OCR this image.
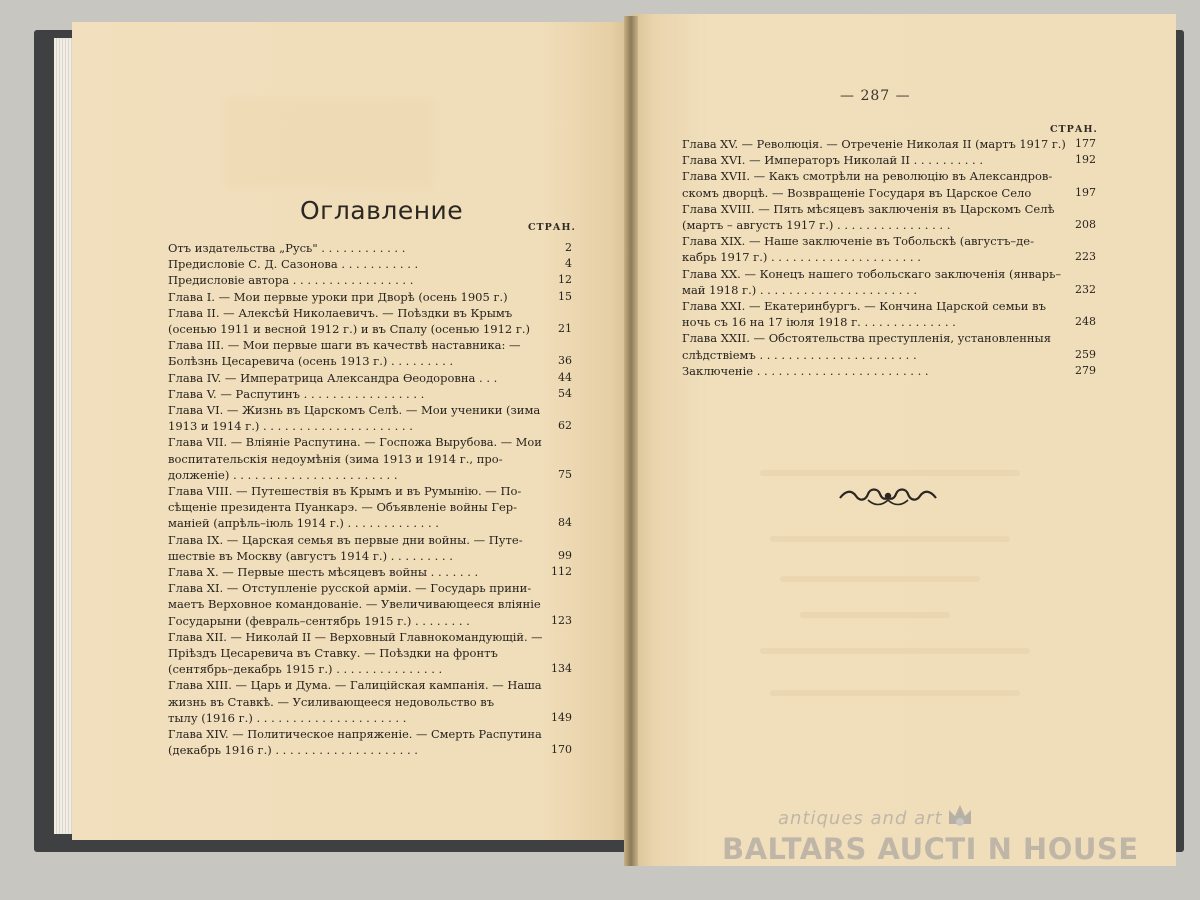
Оглавление
СТРАН.
Отъ издательства „Русь" . . . . . . . . . . . .	2
Предисловіе С. Д. Сазонова . . . . . . . . . . .	4
Предисловіе автора . . . . . . . . . . . . . . . . .	12
Глава I. — Мои первые уроки при Дворѣ (осень 1905 г.)	15
Глава II. — Алексѣй Николаевичъ. — Поѣздки въ Крымъ
(осенью 1911 и весной 1912 г.) и въ Спалу (осенью 1912 г.)	21
Глава III. — Мои первые шаги въ качествѣ наставника: —
Болѣзнь Цесаревича (осень 1913 г.) . . . . . . . . .	36
Глава IV. — Императрица Александра Ѳеодоровна . . .	44
Глава V. — Распутинъ . . . . . . . . . . . . . . . . .	54
Глава VI. — Жизнь въ Царскомъ Селѣ. — Мои ученики (зима
1913 и 1914 г.) . . . . . . . . . . . . . . . . . . . . .	62
Глава VII. — Вліяніе Распутина. — Госпожа Вырубова. — Мои
воспитательскія недоумѣнія (зима 1913 и 1914 г., про-
долженіе) . . . . . . . . . . . . . . . . . . . . . . .	75
Глава VIII. — Путешествія въ Крымъ и въ Румынію. — По-
сѣщеніе президента Пуанкарэ. — Объявленіе войны Гер-
маніей (апрѣль–іюль 1914 г.) . . . . . . . . . . . . .	84
Глава IX. — Царская семья въ первые дни войны. — Путе-
шествіе въ Москву (августъ 1914 г.) . . . . . . . . .	99
Глава X. — Первые шесть мѣсяцевъ войны . . . . . . .	112
Глава XI. — Отступленіе русской арміи. — Государь прини-
маетъ Верховное командованіе. — Увеличивающееся вліяніе
Государыни (февраль–сентябрь 1915 г.) . . . . . . . .	123
Глава XII. — Николай II — Верховный Главнокомандующій. —
Пріѣздъ Цесаревича въ Ставку. — Поѣздки на фронтъ
(сентябрь–декабрь 1915 г.) . . . . . . . . . . . . . . .	134
Глава XIII. — Царь и Дума. — Галиційская кампанія. — Наша
жизнь въ Ставкѣ. — Усиливающееся недовольство въ
тылу (1916 г.) . . . . . . . . . . . . . . . . . . . . .	149
Глава XIV. — Политическое напряженіе. — Смерть Распутина
(декабрь 1916 г.) . . . . . . . . . . . . . . . . . . . .	170
— 287 —
СТРАН.
Глава XV. — Революція. — Отреченіе Николая II (мартъ 1917 г.) 177
Глава XVI. — Императоръ Николай II . . . . . . . . . .	192
Глава XVII. — Какъ смотрѣли на революцію въ Александров-
скомъ дворцѣ. — Возвращеніе Государя въ Царское Село	197
Глава XVIII. — Пять мѣсяцевъ заключенія въ Царскомъ Селѣ
(мартъ – августъ 1917 г.) . . . . . . . . . . . . . . . .	208
Глава XIX. — Наше заключеніе въ Тобольскѣ (августъ–де-
кабрь 1917 г.) . . . . . . . . . . . . . . . . . . . . .	223
Глава XX. — Конецъ нашего тобольскаго заключенія (январь–
май 1918 г.) . . . . . . . . . . . . . . . . . . . . . .	232
Глава XXI. — Екатеринбургъ. — Кончина Царской семьи въ
ночь съ 16 на 17 іюля 1918 г. . . . . . . . . . . . . .	248
Глава XXII. — Обстоятельства преступленія, установленныя
слѣдствіемъ . . . . . . . . . . . . . . . . . . . . . .	259
Заключеніе . . . . . . . . . . . . . . . . . . . . . . . .	279
antiques and art
BALTARS AUCTI N HOUSE
